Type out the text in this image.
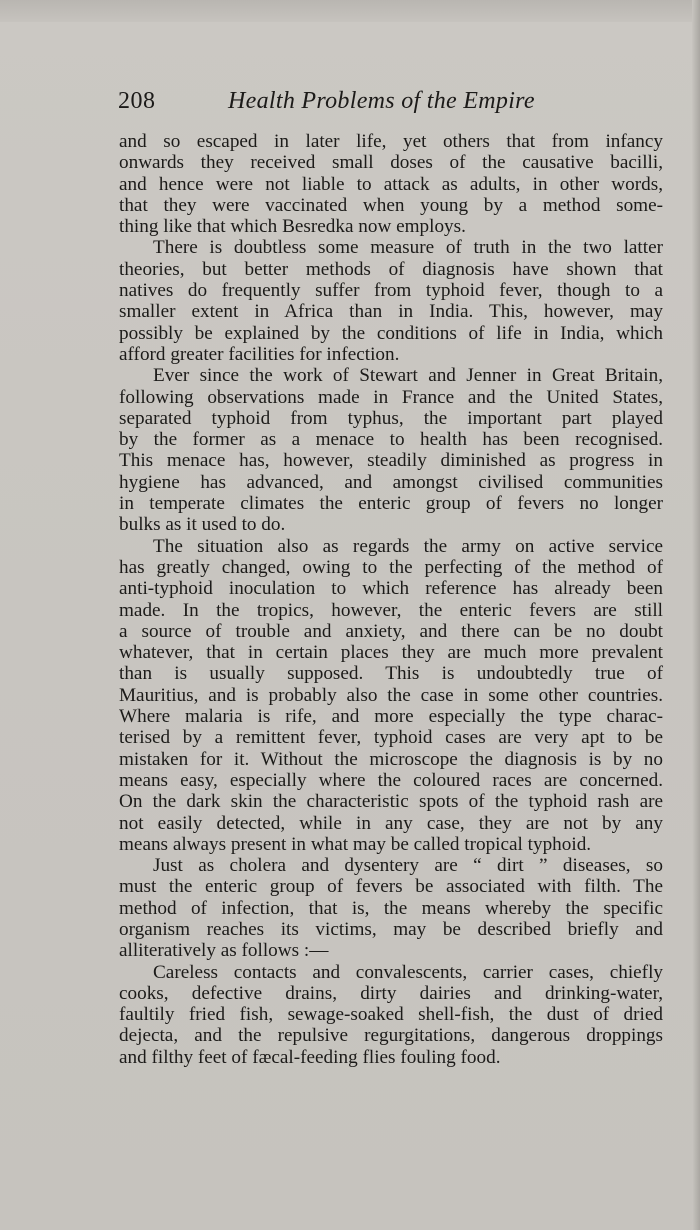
208	Health Problems of the Empire
and so escaped in later life, yet others that from infancy
onwards they received small doses of the causative bacilli,
and hence were not liable to attack as adults, in other words,
that they were vaccinated when young by a method some-
thing like that which Besredka now employs.
There is doubtless some measure of truth in the two latter
theories, but better methods of diagnosis have shown that
natives do frequently suffer from typhoid fever, though to a
smaller extent in Africa than in India. This, however, may
possibly be explained by the conditions of life in India, which
afford greater facilities for infection.
Ever since the work of Stewart and Jenner in Great Britain,
following observations made in France and the United States,
separated typhoid from typhus, the important part played
by the former as a menace to health has been recognised.
This menace has, however, steadily diminished as progress in
hygiene has advanced, and amongst civilised communities
in temperate climates the enteric group of fevers no longer
bulks as it used to do.
The situation also as regards the army on active service
has greatly changed, owing to the perfecting of the method of
anti-typhoid inoculation to which reference has already been
made. In the tropics, however, the enteric fevers are still
a source of trouble and anxiety, and there can be no doubt
whatever, that in certain places they are much more prevalent
than is usually supposed. This is undoubtedly true of
Mauritius, and is probably also the case in some other countries.
Where malaria is rife, and more especially the type charac-
terised by a remittent fever, typhoid cases are very apt to be
mistaken for it. Without the microscope the diagnosis is by no
means easy, especially where the coloured races are concerned.
On the dark skin the characteristic spots of the typhoid rash are
not easily detected, while in any case, they are not by any
means always present in what may be called tropical typhoid.
Just as cholera and dysentery are “ dirt ” diseases, so
must the enteric group of fevers be associated with filth. The
method of infection, that is, the means whereby the specific
organism reaches its victims, may be described briefly and
alliteratively as follows :—
Careless contacts and convalescents, carrier cases, chiefly
cooks, defective drains, dirty dairies and drinking-water,
faultily fried fish, sewage-soaked shell-fish, the dust of dried
dejecta, and the repulsive regurgitations, dangerous droppings
and filthy feet of fæcal-feeding flies fouling food.
